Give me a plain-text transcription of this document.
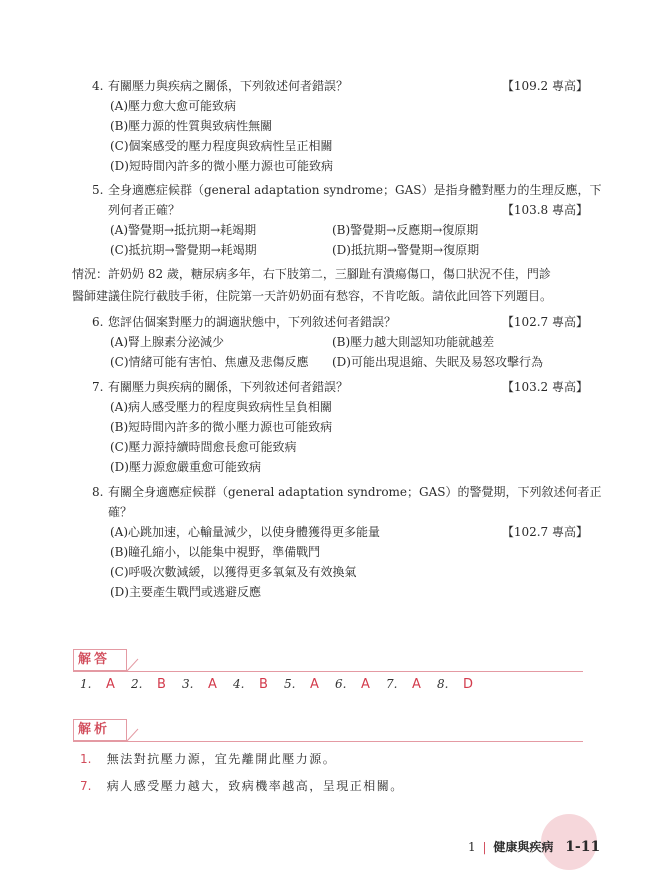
4. 有關壓力與疾病之關係，下列敘述何者錯誤？	【109.2 專高】
(A)壓力愈大愈可能致病
(B)壓力源的性質與致病性無關
(C)個案感受的壓力程度與致病性呈正相關
(D)短時間內許多的微小壓力源也可能致病
5. 全身適應症候群（general adaptation syndrome；GAS）是指身體對壓力的生理反應，下
列何者正確？	【103.8 專高】
(A)警覺期→抵抗期→耗竭期	(B)警覺期→反應期→復原期
(C)抵抗期→警覺期→耗竭期	(D)抵抗期→警覺期→復原期
情況：許奶奶 82 歲，糖尿病多年，右下肢第二，三腳趾有潰瘍傷口，傷口狀況不佳，門診
醫師建議住院行截肢手術，住院第一天許奶奶面有愁容，不肯吃飯。請依此回答下列題目。
6. 您評估個案對壓力的調適狀態中，下列敘述何者錯誤？	【102.7 專高】
(A)腎上腺素分泌減少	(B)壓力越大則認知功能就越差
(C)情緒可能有害怕、焦慮及悲傷反應 (D)可能出現退縮、失眠及易怒攻擊行為
7. 有關壓力與疾病的關係，下列敘述何者錯誤？	【103.2 專高】
(A)病人感受壓力的程度與致病性呈負相關
(B)短時間內許多的微小壓力源也可能致病
(C)壓力源持續時間愈長愈可能致病
(D)壓力源愈嚴重愈可能致病
8. 有關全身適應症候群（general adaptation syndrome；GAS）的警覺期，下列敘述何者正
確？
(A)心跳加速，心輸量減少，以使身體獲得更多能量	【102.7 專高】
(B)瞳孔縮小，以能集中視野，準備戰鬥
(C)呼吸次數減緩，以獲得更多氧氣及有效換氣
(D)主要產生戰鬥或逃避反應
解答
1. A 2. B 3. A 4. B 5. A 6. A 7. A 8. D
解析
1. 無法對抗壓力源，宜先離開此壓力源。
7. 病人感受壓力越大，致病機率越高，呈現正相關。
1 | 健康與疾病 1-11
